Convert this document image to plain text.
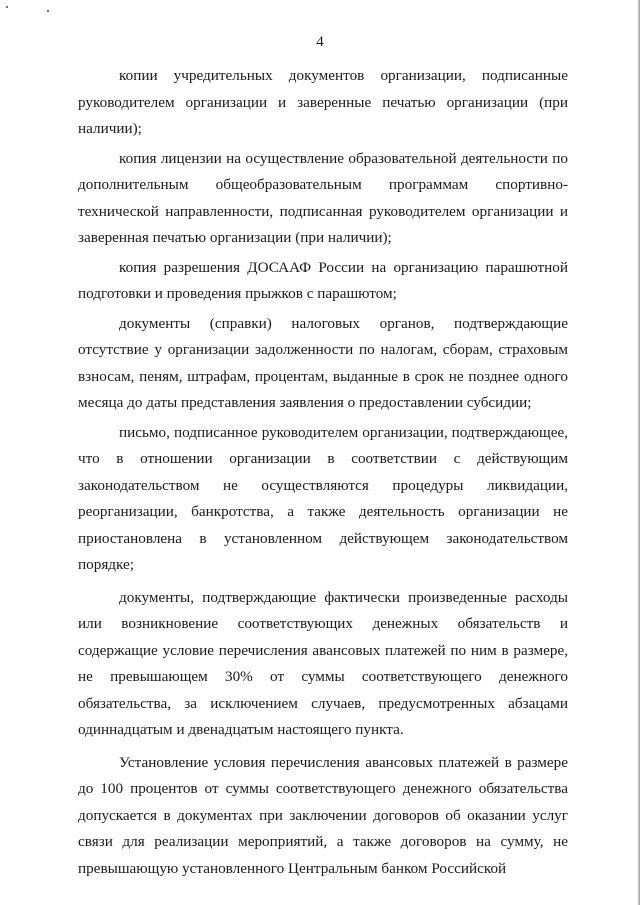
4

копии учредительных документов организации, подписанные руководителем организации и заверенные печатью организации (при наличии);

копия лицензии на осуществление образовательной деятельности по дополнительным общеобразовательным программам спортивно-технической направленности, подписанная руководителем организации и заверенная печатью организации (при наличии);

копия разрешения ДОСААФ России на организацию парашютной подготовки и проведения прыжков с парашютом;

документы (справки) налоговых органов, подтверждающие отсутствие у организации задолженности по налогам, сборам, страховым взносам, пеням, штрафам, процентам, выданные в срок не позднее одного месяца до даты представления заявления о предоставлении субсидии;

письмо, подписанное руководителем организации, подтверждающее, что в отношении организации в соответствии с действующим законодательством не осуществляются процедуры ликвидации, реорганизации, банкротства, а также деятельность организации не приостановлена в установленном действующем законодательством порядке;

документы, подтверждающие фактически произведенные расходы или возникновение соответствующих денежных обязательств и содержащие условие перечисления авансовых платежей по ним в размере, не превышающем 30% от суммы соответствующего денежного обязательства, за исключением случаев, предусмотренных абзацами одиннадцатым и двенадцатым настоящего пункта.

Установление условия перечисления авансовых платежей в размере до 100 процентов от суммы соответствующего денежного обязательства допускается в документах при заключении договоров об оказании услуг связи для реализации мероприятий, а также договоров на сумму, не превышающую установленного Центральным банком Российской
